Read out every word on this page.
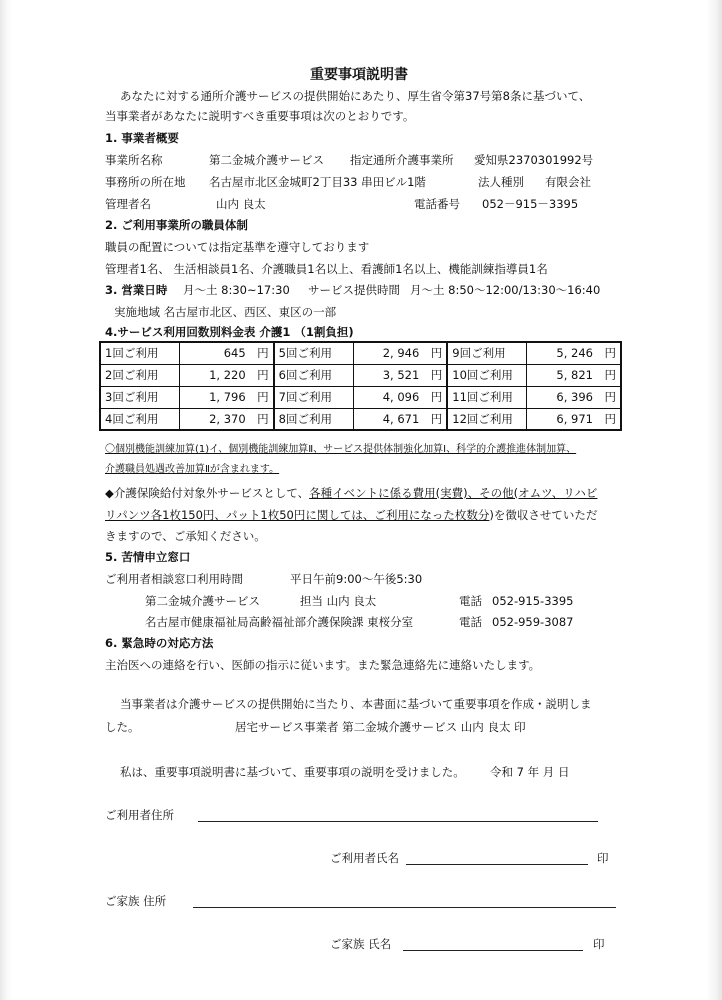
重要事項説明書
あなたに対する通所介護サービスの提供開始にあたり、厚生省令第37号第8条に基づいて、
当事業者があなたに説明すべき重要事項は次のとおりです。
1. 事業者概要
事業所名称	第二金城介護サービス 指定通所介護事業所 愛知県2370301992号
事務所の所在地 名古屋市北区金城町2丁目33 串田ビル1階	法人種別 有限会社
管理者名	山内 良太	電話番号 052－915－3395
2. ご利用事業所の職員体制
職員の配置については指定基準を遵守しております
管理者1名、 生活相談員1名、介護職員1名以上、看護師1名以上、機能訓練指導員1名
3. 営業日時 月～土 8:30~17:30 サービス提供時間 月～土 8:50～12:00/13:30～16:40
実施地域 名古屋市北区、西区、東区の一部
4.サービス利用回数別料金表 介護1 （1割負担)
1回ご利用	645　 円	5回ご利用	2, 946　 円	9回ご利用	5, 246　 円
2回ご利用	1, 220　 円	6回ご利用	3, 521　 円	10回ご利用	5, 821　 円
3回ご利用	1, 796　 円	7回ご利用	4, 096　 円	11回ご利用	6, 396　 円
4回ご利用	2, 370　 円	8回ご利用	4, 671　 円	12回ご利用	6, 971　 円
〇個別機能訓練加算(1)イ、個別機能訓練加算Ⅱ、サービス提供体制強化加算Ⅰ、科学的介護推進体制加算、
介護職員処遇改善加算Ⅱが含まれます。
◆介護保険給付対象外サービスとして、各種イベントに係る費用(実費)、その他(オムツ、リハビ
リパンツ各1枚150円、パット1枚50円に関しては、ご利用になった枚数分)を徴収させていただ
きますので、ご承知ください。
5. 苦情申立窓口
ご利用者相談窓口利用時間	平日午前9:00～午後5:30
第二金城介護サービス	担当 山内 良太	電話 052-915-3395
名古屋市健康福祉局高齢福祉部介護保険課 東桜分室	電話 052-959-3087
6. 緊急時の対応方法
主治医への連絡を行い、医師の指示に従います。また緊急連絡先に連絡いたします。
当事業者は介護サービスの提供開始に当たり、本書面に基づいて重要事項を作成・説明しま
した。	居宅サービス事業者 第二金城介護サービス 山内 良太 印
私は、重要事項説明書に基づいて、重要事項の説明を受けました。 令和 7 年 月 日
ご利用者住所
ご利用者氏名	印
ご家族 住所
ご家族 氏名	印
